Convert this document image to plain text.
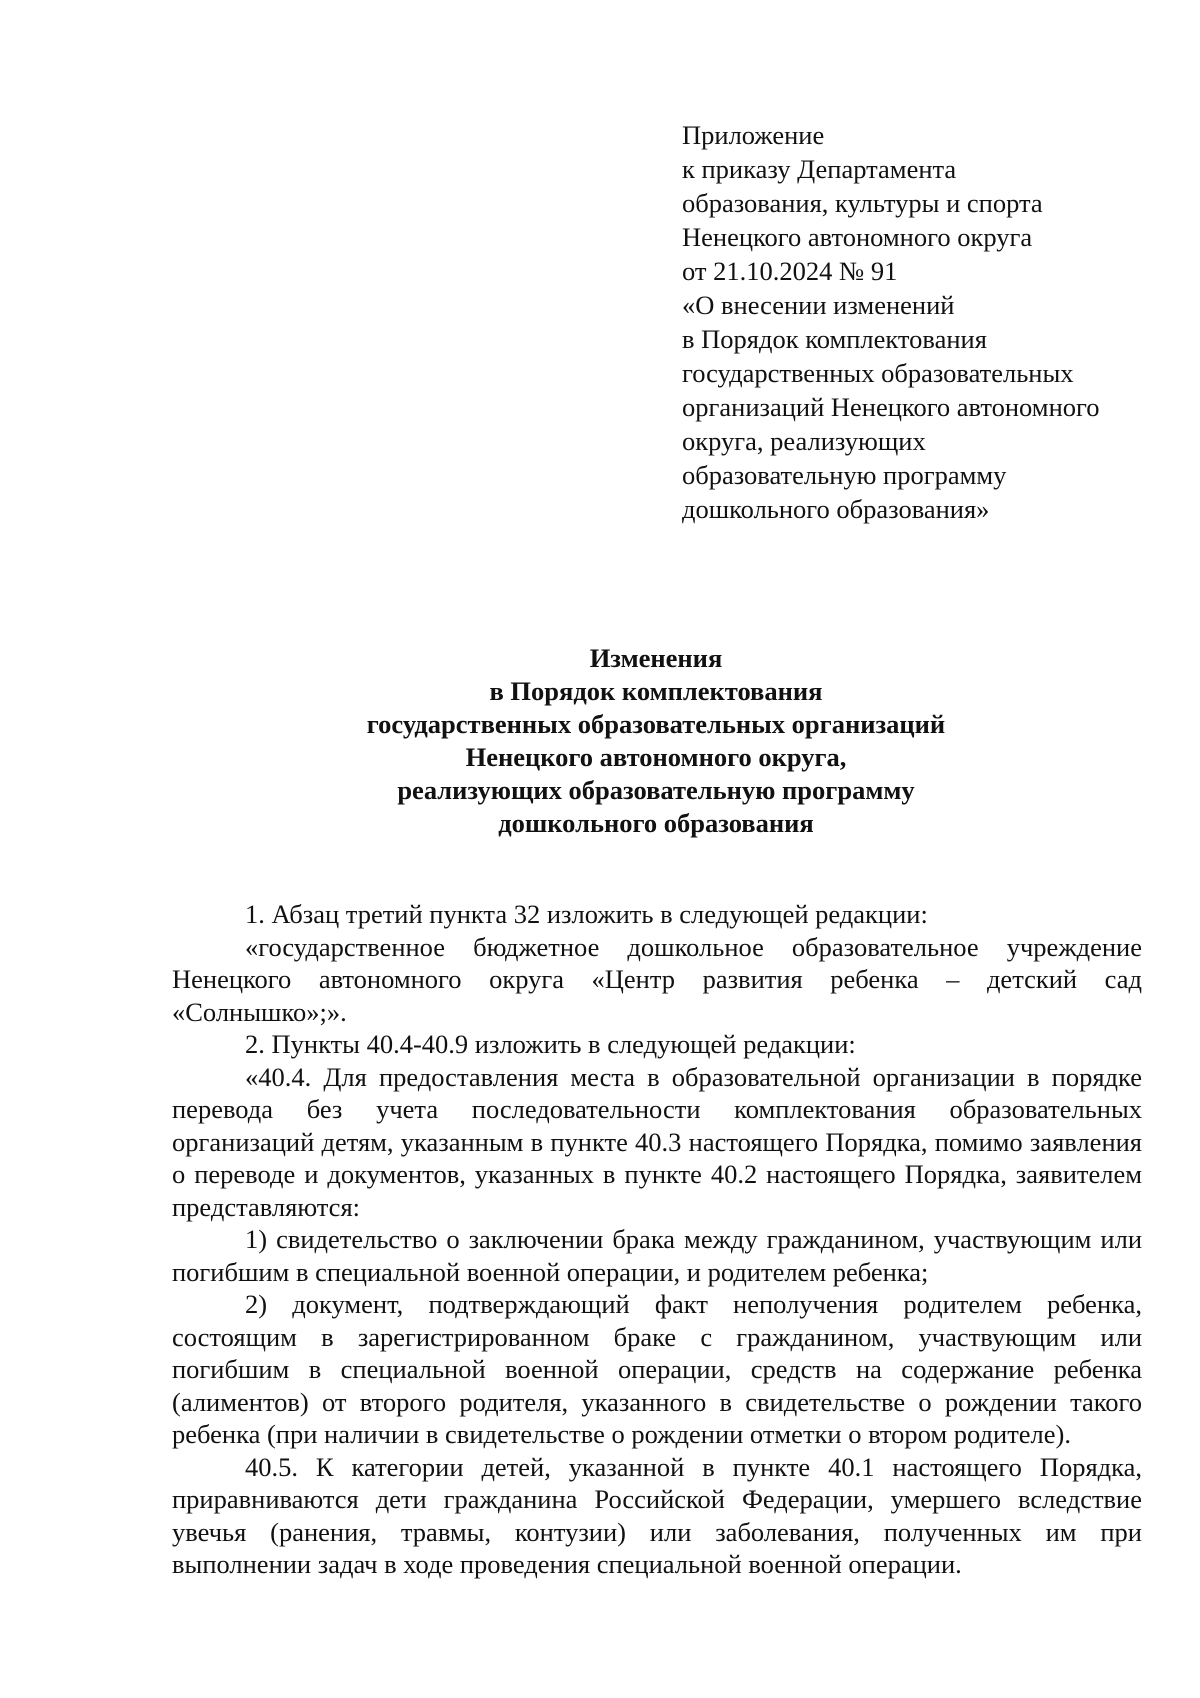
Приложение
к приказу Департамента
образования, культуры и спорта
Ненецкого автономного округа
от 21.10.2024 № 91
«О внесении изменений
в Порядок комплектования
государственных образовательных
организаций Ненецкого автономного
округа, реализующих
образовательную программу
дошкольного образования»
Изменения
в Порядок комплектования
государственных образовательных организаций
Ненецкого автономного округа,
реализующих образовательную программу
дошкольного образования

1. Абзац третий пункта 32 изложить в следующей редакции:

«государственное бюджетное дошкольное образовательное учреждение Ненецкого автономного округа «Центр развития ребенка – детский сад «Солнышко»;».

2. Пункты 40.4-40.9 изложить в следующей редакции:

«40.4. Для предоставления места в образовательной организации в порядке перевода без учета последовательности комплектования образовательных организаций детям, указанным в пункте 40.3 настоящего Порядка, помимо заявления о переводе и документов, указанных в пункте 40.2 настоящего Порядка, заявителем представляются:

1) свидетельство о заключении брака между гражданином, участвующим или погибшим в специальной военной операции, и родителем ребенка;

2) документ, подтверждающий факт неполучения родителем ребенка, состоящим в зарегистрированном браке с гражданином, участвующим или погибшим в специальной военной операции, средств на содержание ребенка (алиментов) от второго родителя, указанного в свидетельстве о рождении такого ребенка (при наличии в свидетельстве о рождении отметки о втором родителе).

40.5. К категории детей, указанной в пункте 40.1 настоящего Порядка, приравниваются дети гражданина Российской Федерации, умершего вследствие увечья (ранения, травмы, контузии) или заболевания, полученных им при выполнении задач в ходе проведения специальной военной операции.
